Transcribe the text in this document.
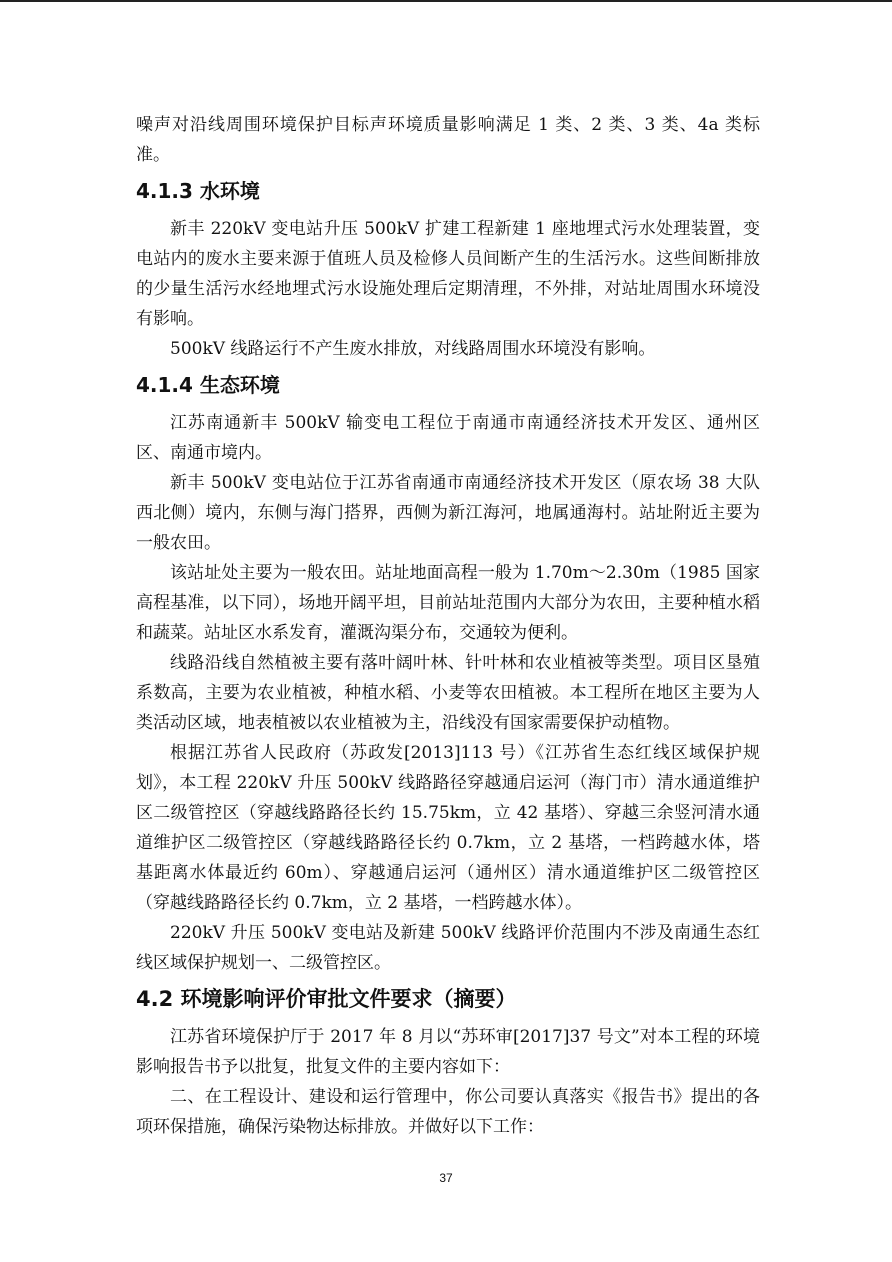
噪声对沿线周围环境保护目标声环境质量影响满足 1 类、2 类、3 类、4a 类标准。

4.1.3 水环境

新丰 220kV 变电站升压 500kV 扩建工程新建 1 座地埋式污水处理装置，变电站内的废水主要来源于值班人员及检修人员间断产生的生活污水。这些间断排放的少量生活污水经地埋式污水设施处理后定期清理，不外排，对站址周围水环境没有影响。

500kV 线路运行不产生废水排放，对线路周围水环境没有影响。

4.1.4 生态环境

江苏南通新丰 500kV 输变电工程位于南通市南通经济技术开发区、通州区区、南通市境内。

新丰 500kV 变电站位于江苏省南通市南通经济技术开发区（原农场 38 大队西北侧）境内，东侧与海门搭界，西侧为新江海河，地属通海村。站址附近主要为一般农田。

该站址处主要为一般农田。站址地面高程一般为 1.70m～2.30m（1985 国家高程基准，以下同），场地开阔平坦，目前站址范围内大部分为农田，主要种植水稻和蔬菜。站址区水系发育，灌溉沟渠分布，交通较为便利。

线路沿线自然植被主要有落叶阔叶林、针叶林和农业植被等类型。项目区垦殖系数高，主要为农业植被，种植水稻、小麦等农田植被。本工程所在地区主要为人类活动区域，地表植被以农业植被为主，沿线没有国家需要保护动植物。

根据江苏省人民政府（苏政发[2013]113 号）《江苏省生态红线区域保护规划》，本工程 220kV 升压 500kV 线路路径穿越通启运河（海门市）清水通道维护区二级管控区（穿越线路路径长约 15.75km，立 42 基塔）、穿越三余竖河清水通道维护区二级管控区（穿越线路路径长约 0.7km，立 2 基塔，一档跨越水体，塔基距离水体最近约 60m）、穿越通启运河（通州区）清水通道维护区二级管控区（穿越线路路径长约 0.7km，立 2 基塔，一档跨越水体）。

220kV 升压 500kV 变电站及新建 500kV 线路评价范围内不涉及南通生态红线区域保护规划一、二级管控区。

4.2 环境影响评价审批文件要求（摘要）

江苏省环境保护厅于 2017 年 8 月以“苏环审[2017]37 号文”对本工程的环境影响报告书予以批复，批复文件的主要内容如下：

二、在工程设计、建设和运行管理中，你公司要认真落实《报告书》提出的各项环保措施，确保污染物达标排放。并做好以下工作：

37
